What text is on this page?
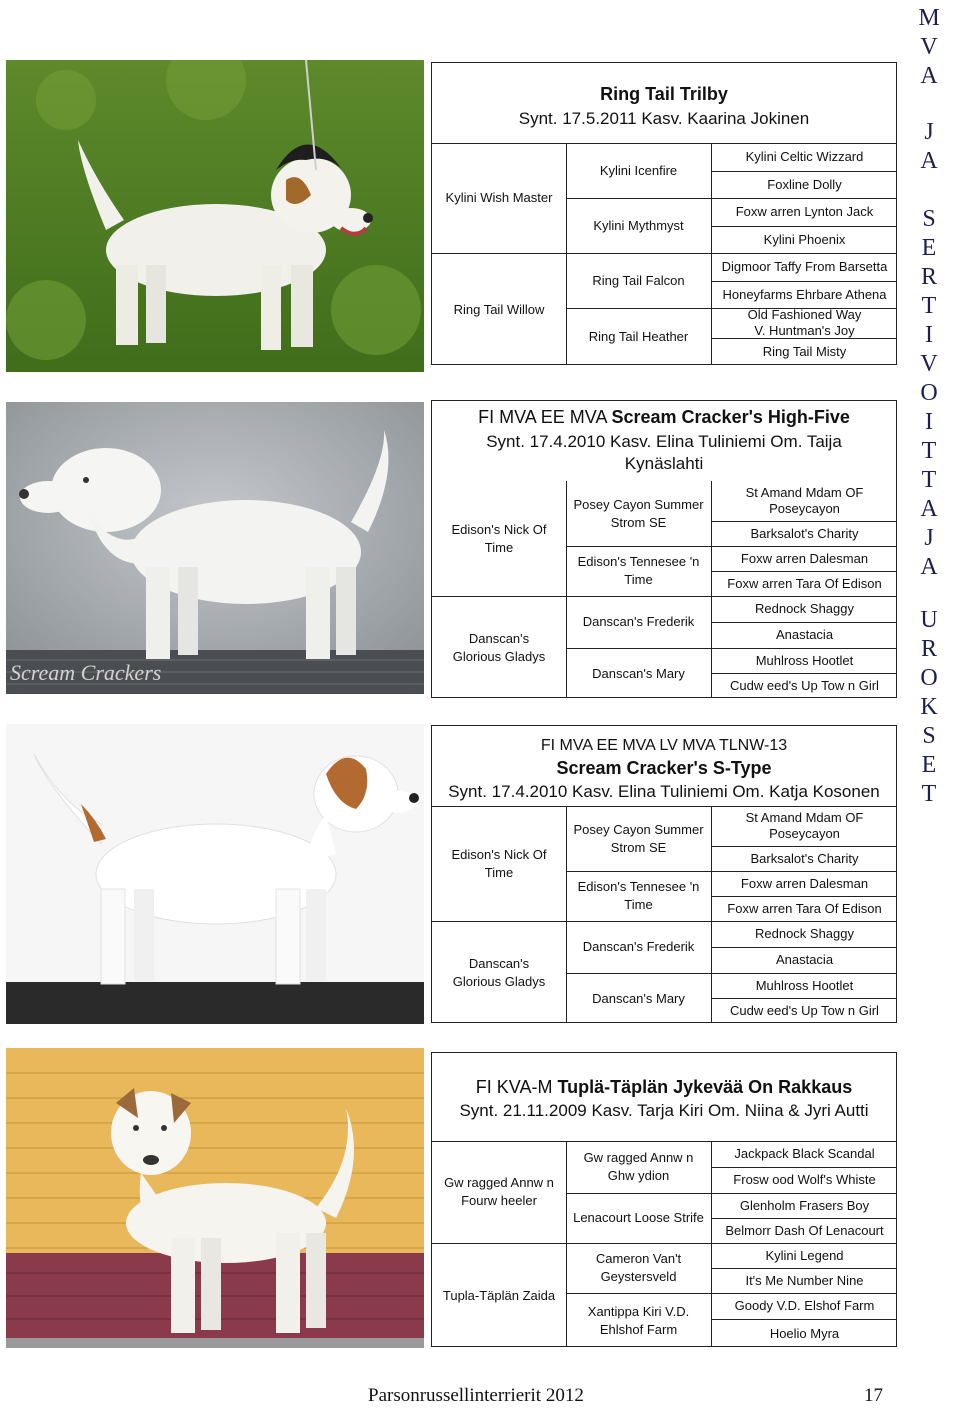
Ring Tail Trilby
Synt. 17.5.2011 Kasv. Kaarina Jokinen
Kylini Wish Master
Ring Tail Willow
Kylini Icenfire
Kylini Mythmyst
Ring Tail Falcon
Ring Tail Heather
Kylini Celtic Wizzard
Foxline Dolly
Foxw arren Lynton Jack
Kylini Phoenix
Digmoor Taffy From Barsetta
Honeyfarms Ehrbare Athena
Old Fashioned Way V. Huntman's Joy
Ring Tail Misty
Scream Crackers
FI MVA EE MVA Scream Cracker's High-Five
Synt. 17.4.2010 Kasv. Elina Tuliniemi Om. Taija Kynäslahti
Edison's Nick Of Time
Danscan's Glorious Gladys
Posey Cayon Summer Strom SE
Edison's Tennesee 'n Time
Danscan's Frederik
Danscan's Mary
St Amand Mdam OF Poseycayon
Barksalot's Charity
Foxw arren Dalesman
Foxw arren Tara Of Edison
Rednock Shaggy
Anastacia
Muhlross Hootlet
Cudw eed's Up Tow n Girl
FI MVA EE MVA LV MVA TLNW-13
Scream Cracker's S-Type
Synt. 17.4.2010 Kasv. Elina Tuliniemi Om. Katja Kosonen
Edison's Nick Of Time
Danscan's Glorious Gladys
Posey Cayon Summer Strom SE
Edison's Tennesee 'n Time
Danscan's Frederik
Danscan's Mary
St Amand Mdam OF Poseycayon
Barksalot's Charity
Foxw arren Dalesman
Foxw arren Tara Of Edison
Rednock Shaggy
Anastacia
Muhlross Hootlet
Cudw eed's Up Tow n Girl
FI KVA-M Tuplä-Täplän Jykevää On Rakkaus
Synt. 21.11.2009 Kasv. Tarja Kiri Om. Niina & Jyri Autti
Gw ragged Annw n Fourw heeler
Tupla-Täplän Zaida
Gw ragged Annw n Ghw ydion
Lenacourt Loose Strife
Cameron Van't Geystersveld
Xantippa Kiri V.D. Ehlshof Farm
Jackpack Black Scandal
Frosw ood Wolf's Whiste
Glenholm Frasers Boy
Belmorr Dash Of Lenacourt
Kylini Legend
It's Me Number Nine
Goody V.D. Elshof Farm
Hoelio Myra
M
V
A
J
A
S
E
R
T
I
V
O
I
T
T
A
J
A
U
R
O
K
S
E
T
Parsonrussellinterrierit 2012	17
